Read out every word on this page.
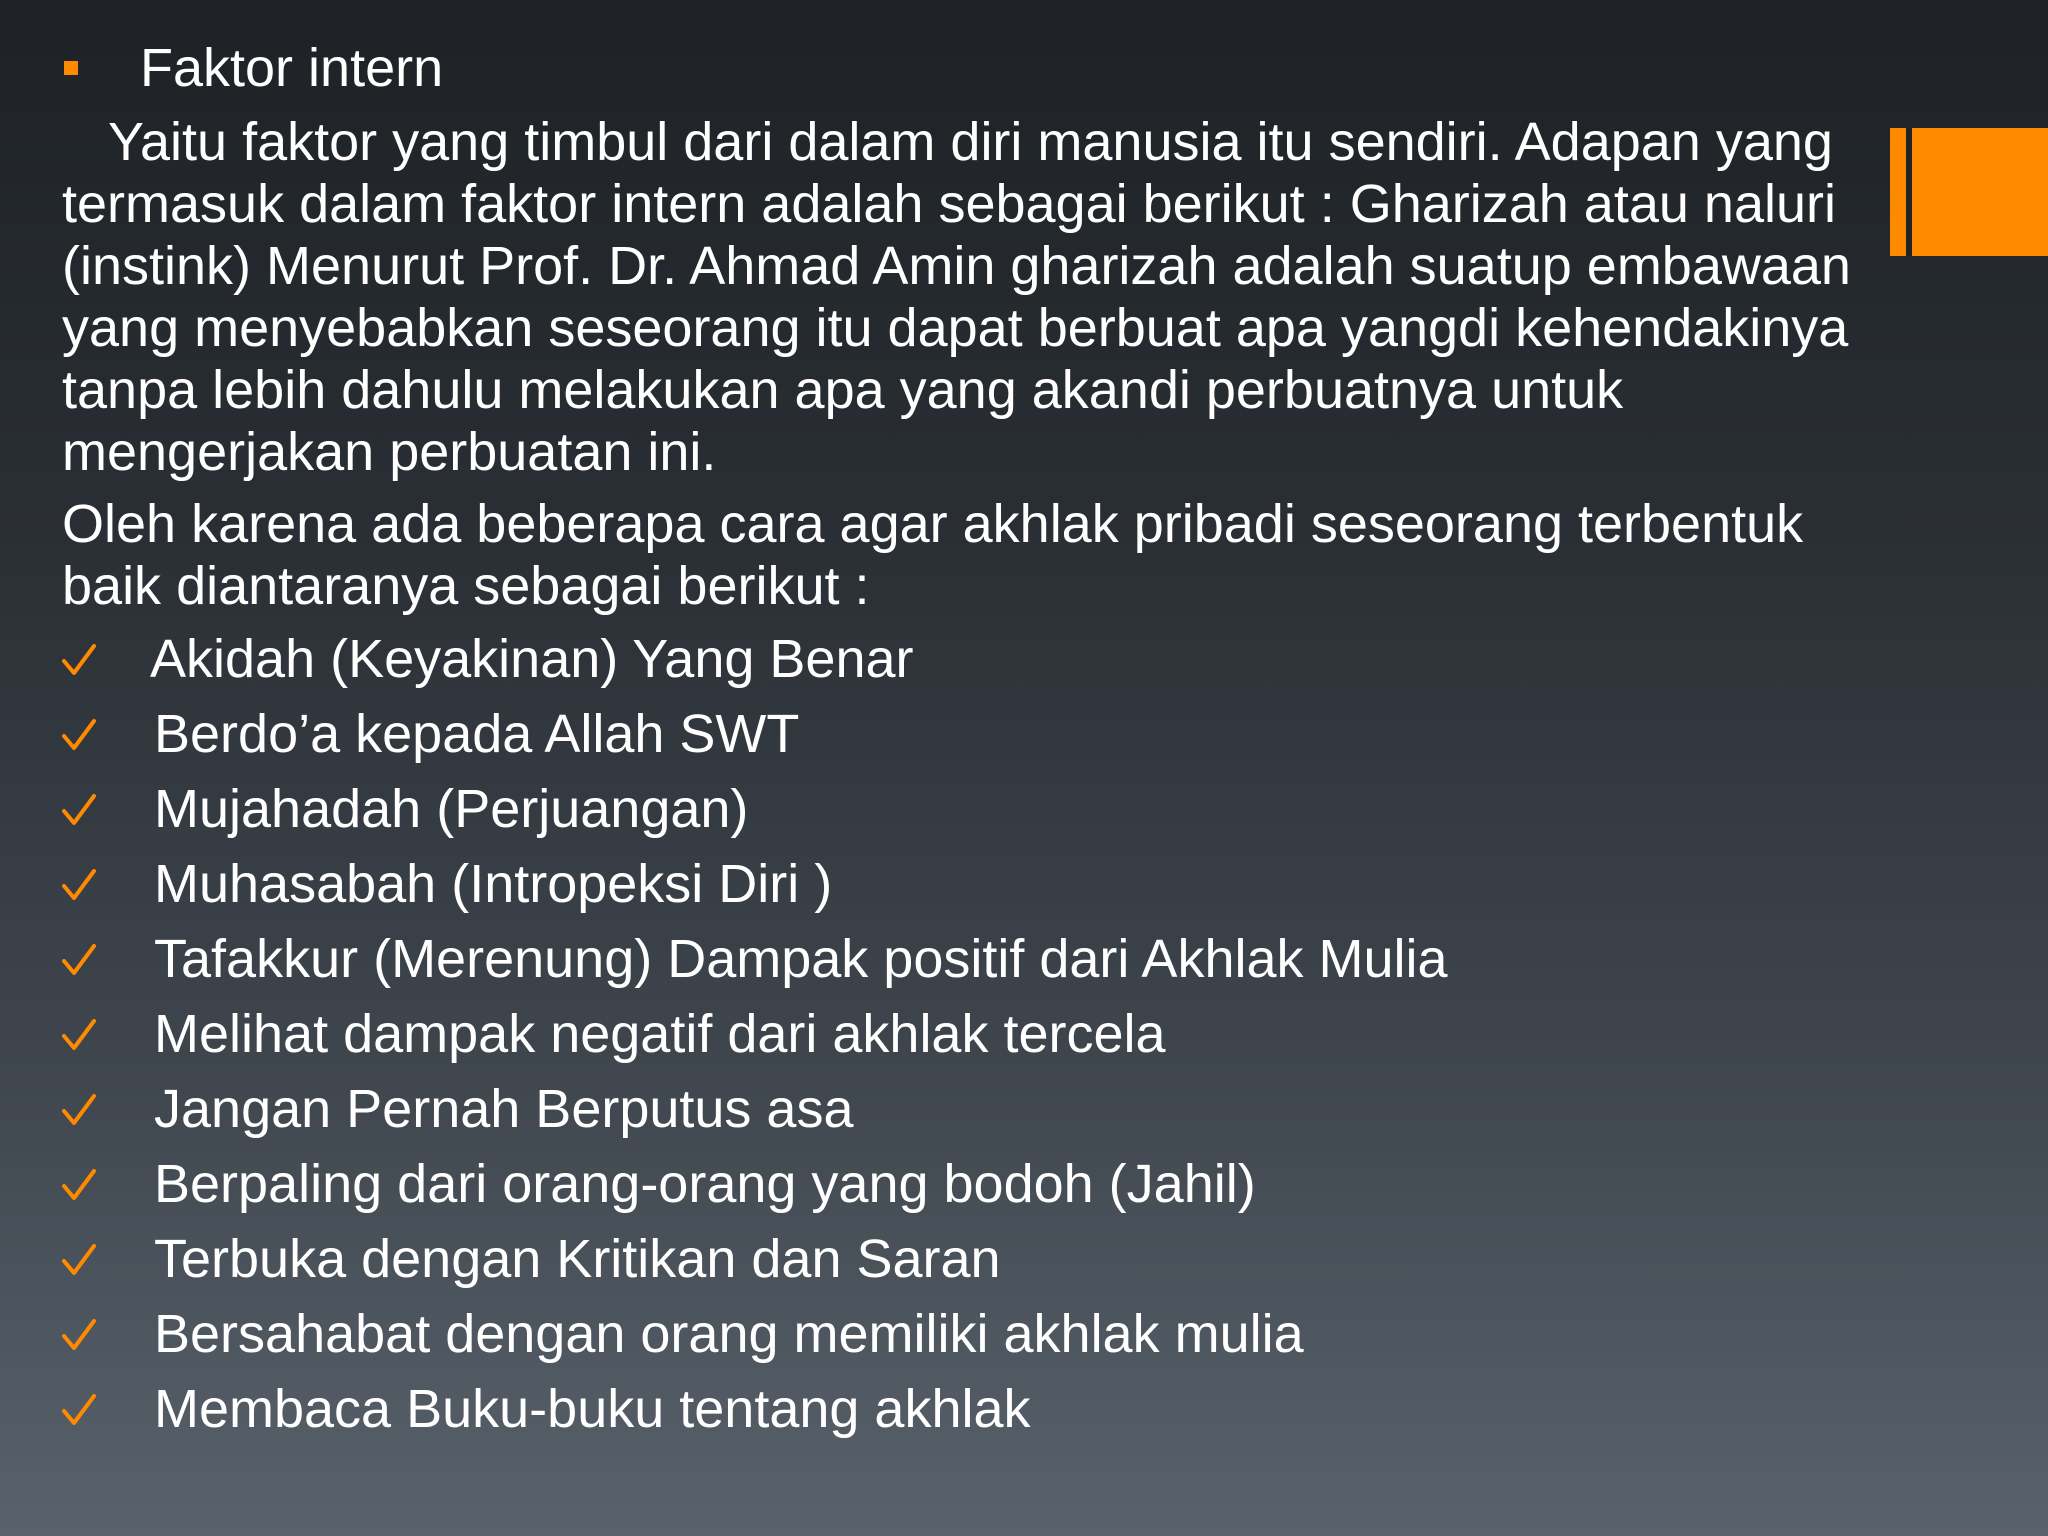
Faktor intern
Yaitu faktor yang timbul dari dalam diri manusia itu sendiri. Adapan yang
termasuk dalam faktor intern adalah sebagai berikut : Gharizah atau naluri
(instink) Menurut Prof. Dr. Ahmad Amin gharizah adalah suatup embawaan
yang menyebabkan seseorang itu dapat berbuat apa yangdi kehendakinya
tanpa lebih dahulu melakukan apa yang akandi perbuatnya untuk
mengerjakan perbuatan ini.
Oleh karena ada beberapa cara agar akhlak pribadi seseorang terbentuk
baik diantaranya sebagai berikut :
Akidah (Keyakinan) Yang Benar
Berdo’a kepada Allah SWT
Mujahadah (Perjuangan)
Muhasabah (Intropeksi Diri )
Tafakkur (Merenung) Dampak positif dari Akhlak Mulia
Melihat dampak negatif dari akhlak tercela
Jangan Pernah Berputus asa
Berpaling dari orang-orang yang bodoh (Jahil)
Terbuka dengan Kritikan dan Saran
Bersahabat dengan orang memiliki akhlak mulia
Membaca Buku-buku tentang akhlak
